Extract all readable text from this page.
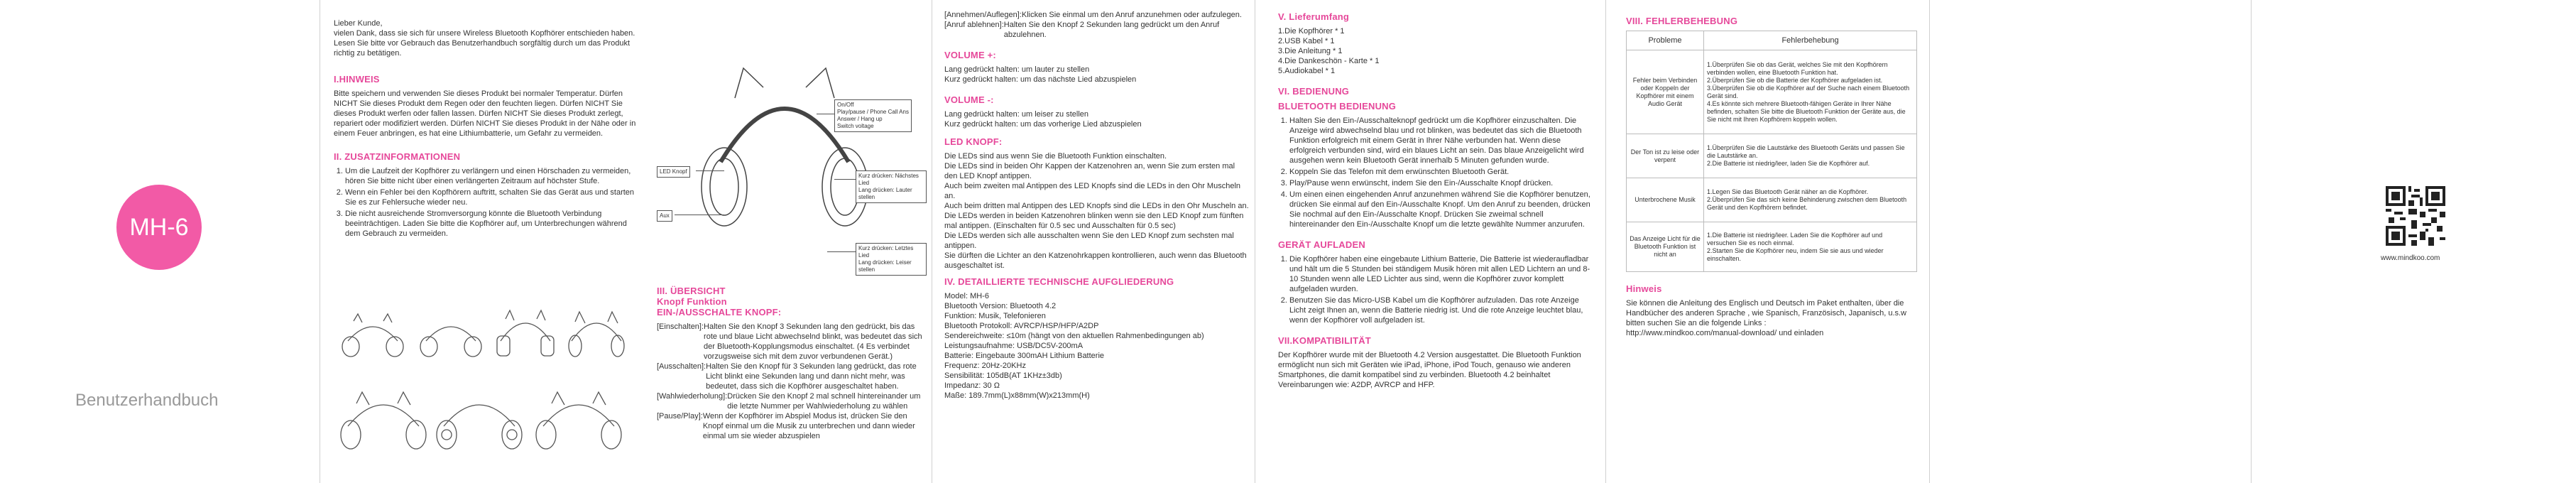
Lieber Kunde,
vielen Dank, dass sie sich für unsere Wireless Bluetooth Kopfhörer entschieden haben. Lesen Sie bitte vor Gebrauch das Benutzerhandbuch sorgfältig durch um das Produkt richtig zu betätigen.

I.HINWEIS

Bitte speichern und verwenden Sie dieses Produkt bei normaler Temperatur. Dürfen NICHT Sie dieses Produkt dem Regen oder den feuchten liegen. Dürfen NICHT Sie dieses Produkt werfen oder fallen lassen. Dürfen NICHT Sie dieses Produkt zerlegt, repariert oder modifiziert werden. Dürfen NICHT Sie dieses Produkt in der Nähe oder in einem Feuer anbringen, es hat eine Lithiumbatterie, um Gefahr zu vermeiden.

II. ZUSATZINFORMATIONEN
1. Um die Laufzeit der Kopfhörer zu verlängern und einen Hörschaden zu vermeiden, hören Sie bitte nicht über einen verlängerten Zeitraum auf höchster Stufe.
2. Wenn ein Fehler bei den Kopfhörern auftritt, schalten Sie das Gerät aus und starten Sie es zur Fehlersuche wieder neu.
3. Die nicht ausreichende Stromversorgung könnte die Bluetooth Verbindung beeinträchtigen. Laden Sie bitte die Kopfhörer auf, um Unterbrechungen während dem Gebrauch zu vermeiden.
MH-6
Benutzerhandbuch
On/Off
Play/pause / Phone Call Ans
Answer / Hang up
Switch voltage
LED Knopf
Kurz drücken: Nächstes Lied
Lang drücken: Lauter stellen
Aux
Kurz drücken: Letztes Lied
Lang drücken: Leiser stellen
III. ÜBERSICHT
Knopf Funktion
EIN-/AUSSCHALTE KNOPF:
[Einschalten]: Halten Sie den Knopf 3 Sekunden lang den gedrückt, bis das rote und blaue Licht abwechselnd blinkt, was bedeutet das sich der Bluetooth-Kopplungsmodus einschaltet. (4 Es verbindet vorzugsweise sich mit dem zuvor verbundenen Gerät.)
[Ausschalten]: Halten Sie den Knopf für 3 Sekunden lang gedrückt, das rote Licht blinkt eine Sekunden lang und dann nicht mehr, was bedeutet, dass sich die Kopfhörer ausgeschaltet haben.
[Wahlwiederholung]: Drücken Sie den Knopf 2 mal schnell hintereinander um die letzte Nummer per Wahlwiederholung zu wählen
[Pause/Play]: Wenn der Kopfhörer im Abspiel Modus ist, drücken Sie den Knopf einmal um die Musik zu unterbrechen und dann wieder einmal um sie wieder abzuspielen
[Annehmen/Auflegen]: Klicken Sie einmal um den Anruf anzunehmen oder aufzulegen.
[Anruf ablehnen]: Halten Sie den Knopf 2 Sekunden lang gedrückt um den Anruf abzulehnen.
VOLUME +:

Lang gedrückt halten: um lauter zu stellen
Kurz gedrückt halten: um das nächste Lied abzuspielen

VOLUME -:

Lang gedrückt halten: um leiser zu stellen
Kurz gedrückt halten: um das vorherige Lied abzuspielen

LED KNOPF:

Die LEDs sind aus wenn Sie die Bluetooth Funktion einschalten.
Die LEDs sind in beiden Ohr Kappen der Katzenohren an, wenn Sie zum ersten mal den LED Knopf antippen.
Auch beim zweiten mal Antippen des LED Knopfs sind die LEDs in den Ohr Muscheln an.
Auch beim dritten mal Antippen des LED Knopfs sind die LEDs in den Ohr Muscheln an.
Die LEDs werden in beiden Katzenohren blinken wenn sie den LED Knopf zum fünften mal antippen. (Einschalten für 0.5 sec und Ausschalten für 0.5 sec)
Die LEDs werden sich alle ausschalten wenn Sie den LED Knopf zum sechsten mal antippen.
Sie dürften die Lichter an den Katzenohrkappen kontrollieren, auch wenn das Bluetooth ausgeschaltet ist.

IV. DETAILLIERTE TECHNISCHE AUFGLIEDERUNG

Model: MH-6

Bluetooth Version: Bluetooth 4.2

Funktion: Musik, Telefonieren

Bluetooth Protokoll: AVRCP/HSP/HFP/A2DP

Sendereichweite: ≤10m (hängt von den aktuellen Rahmenbedingungen ab)

Leistungsaufnahme: USB/DC5V-200mA

Batterie: Eingebaute 300mAH Lithium Batterie

Frequenz: 20Hz-20KHz

Sensibilität: 105dB(AT 1KHz±3db)

Impedanz: 30 Ω

Maße: 189.7mm(L)x88mm(W)x213mm(H)

V. Lieferumfang

1.Die Kopfhörer * 1

2.USB Kabel * 1

3.Die Anleitung * 1

4.Die Dankeschön - Karte * 1

5.Audiokabel * 1

VI. BEDIENUNG
BLUETOOTH BEDIENUNG
1. Halten Sie den Ein-/Ausschalteknopf gedrückt um die Kopfhörer einzuschalten. Die Anzeige wird abwechselnd blau und rot blinken, was bedeutet das sich die Bluetooth Funktion erfolgreich mit einem Gerät in Ihrer Nähe verbunden hat. Wenn diese erfolgreich verbunden sind, wird ein blaues Licht an sein. Das blaue Anzeigelicht wird ausgehen wenn kein Bluetooth Gerät innerhalb 5 Minuten gefunden wurde.
2. Koppeln Sie das Telefon mit dem erwünschten Bluetooth Gerät.
3. Play/Pause wenn erwünscht, indem Sie den Ein-/Ausschalte Knopf drücken.
4. Um einen einen eingehenden Anruf anzunehmen während Sie die Kopfhörer benutzen, drücken Sie einmal auf den Ein-/Ausschalte Knopf. Um den Anruf zu beenden, drücken Sie nochmal auf den Ein-/Ausschalte Knopf. Drücken Sie zweimal schnell hintereinander den Ein-/Ausschalte Knopf um die letzte gewählte Nummer anzurufen.
GERÄT AUFLADEN
1. Die Kopfhörer haben eine eingebaute Lithium Batterie, Die Batterie ist wiederaufladbar und hält um die 5 Stunden bei ständigem Musik hören mit allen LED Lichtern an und 8-10 Stunden wenn alle LED Lichter aus sind, wenn die Kopfhörer zuvor komplett aufgeladen wurden.
2. Benutzen Sie das Micro-USB Kabel um die Kopfhörer aufzuladen. Das rote Anzeige Licht zeigt Ihnen an, wenn die Batterie niedrig ist. Und die rote Anzeige leuchtet blau, wenn der Kopfhörer voll aufgeladen ist.
VII.KOMPATIBILITÄT

Der Kopfhörer wurde mit der Bluetooth 4.2 Version ausgestattet. Die Bluetooth Funktion ermöglicht nun sich mit Geräten wie iPad, iPhone, iPod Touch, genauso wie anderen Smartphones, die damit kompatibel sind zu verbinden. Bluetooth 4.2 beinhaltet Vereinbarungen wie: A2DP, AVRCP and HFP.

VIII. FEHLERBEHEBUNG
Probleme	Fehlerbehebung
Fehler beim Verbinden oder Koppeln der Kopfhörer mit einem Audio Gerät	1.Überprüfen Sie ob das Gerät, welches Sie mit den Kopfhörern verbinden wollen, eine Bluetooth Funktion hat.
2.Überprüfen Sie ob die Batterie der Kopfhörer aufgeladen ist.
3.Überprüfen Sie ob die Kopfhörer auf der Suche nach einem Bluetooth Gerät sind.
4.Es könnte sich mehrere Bluetooth-fähigen Geräte in Ihrer Nähe befinden, schalten Sie bitte die Bluetooth Funktion der Geräte aus, die Sie nicht mit Ihren Kopfhörern koppeln wollen.
Der Ton ist zu leise oder verpent	1.Überprüfen Sie die Lautstärke des Bluetooth Geräts und passen Sie die Lautstärke an.
2.Die Batterie ist niedrig/leer, laden Sie die Kopfhörer auf.
Unterbrochene Musik	1.Legen Sie das Bluetooth Gerät näher an die Kopfhörer.
2.Überprüfen Sie das sich keine Behinderung zwischen dem Bluetooth Gerät und den Kopfhörern befindet.
Das Anzeige Licht für die Bluetooth Funktion ist nicht an	1.Die Batterie ist niedrig/leer. Laden Sie die Kopfhörer auf und versuchen Sie es noch einmal.
2.Starten Sie die Kopfhörer neu, indem Sie sie aus und wieder einschalten.
Hinweis

Sie können die Anleitung des Englisch und Deutsch im Paket enthalten, über die Handbücher des anderen Sprache , wie Spanisch, Französisch, Japanisch, u.s.w bitten suchen Sie an die folgende Links :
http://www.mindkoo.com/manual-download/ und einladen

www.mindkoo.com
